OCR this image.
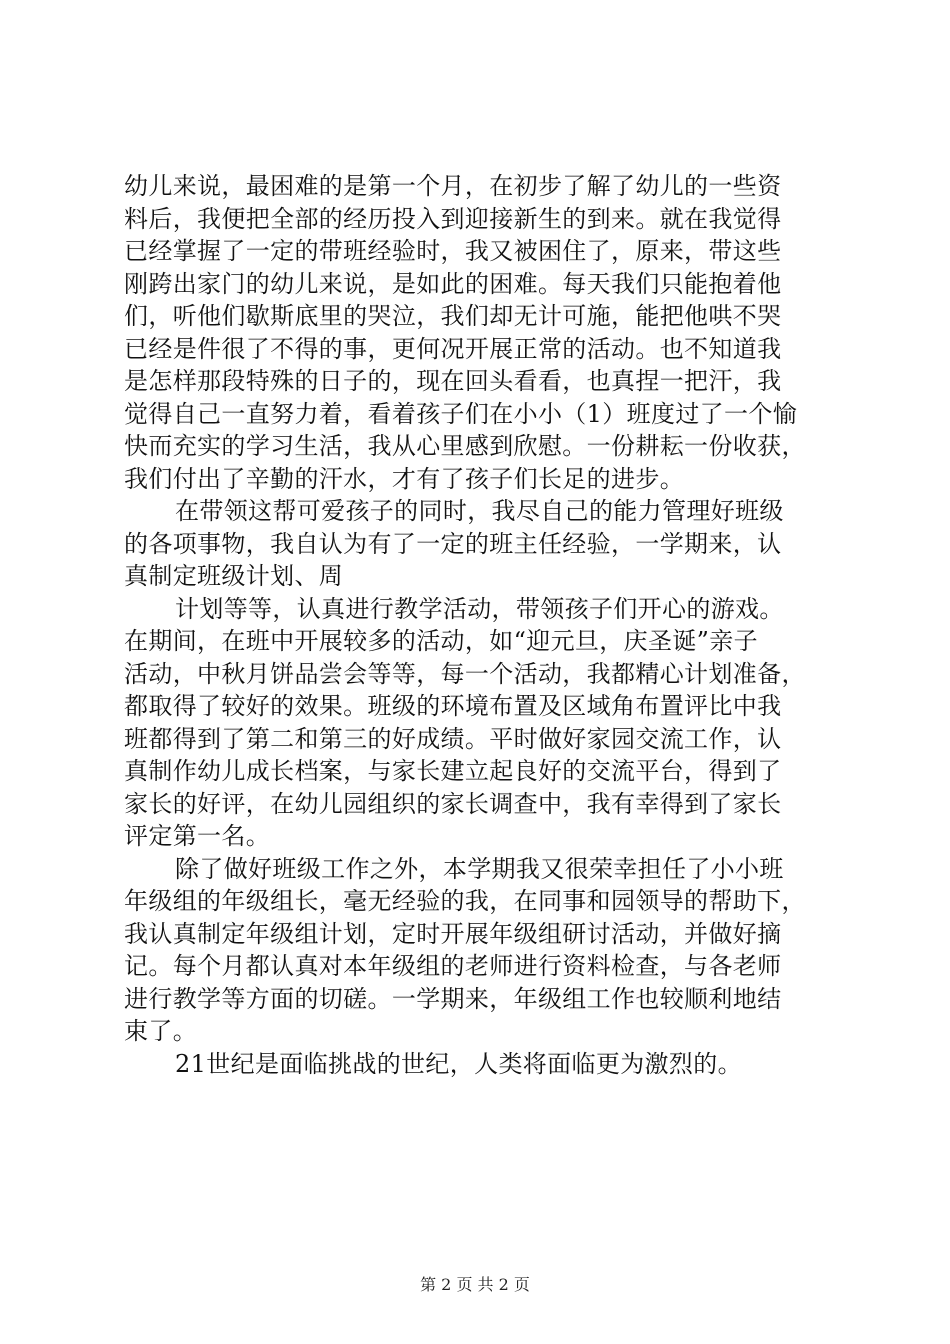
幼儿来说，最困难的是第一个月，在初步了解了幼儿的一些资
料后，我便把全部的经历投入到迎接新生的到来。就在我觉得
已经掌握了一定的带班经验时，我又被困住了，原来，带这些
刚跨出家门的幼儿来说，是如此的困难。每天我们只能抱着他
们，听他们歇斯底里的哭泣，我们却无计可施，能把他哄不哭
已经是件很了不得的事，更何况开展正常的活动。也不知道我
是怎样那段特殊的日子的，现在回头看看，也真捏一把汗，我
觉得自己一直努力着，看着孩子们在小小（1）班度过了一个愉
快而充实的学习生活，我从心里感到欣慰。一份耕耘一份收获，
我们付出了辛勤的汗水，才有了孩子们长足的进步。
在带领这帮可爱孩子的同时，我尽自己的能力管理好班级
的各项事物，我自认为有了一定的班主任经验，一学期来，认
真制定班级计划、周
计划等等，认真进行教学活动，带领孩子们开心的游戏。
在期间，在班中开展较多的活动，如“迎元旦，庆圣诞”亲子
活动，中秋月饼品尝会等等，每一个活动，我都精心计划准备，
都取得了较好的效果。班级的环境布置及区域角布置评比中我
班都得到了第二和第三的好成绩。平时做好家园交流工作，认
真制作幼儿成长档案，与家长建立起良好的交流平台，得到了
家长的好评，在幼儿园组织的家长调查中，我有幸得到了家长
评定第一名。
除了做好班级工作之外，本学期我又很荣幸担任了小小班
年级组的年级组长，毫无经验的我，在同事和园领导的帮助下，
我认真制定年级组计划，定时开展年级组研讨活动，并做好摘
记。每个月都认真对本年级组的老师进行资料检查，与各老师
进行教学等方面的切磋。一学期来，年级组工作也较顺利地结
束了。
21世纪是面临挑战的世纪，人类将面临更为激烈的。
第 2 页 共 2 页
